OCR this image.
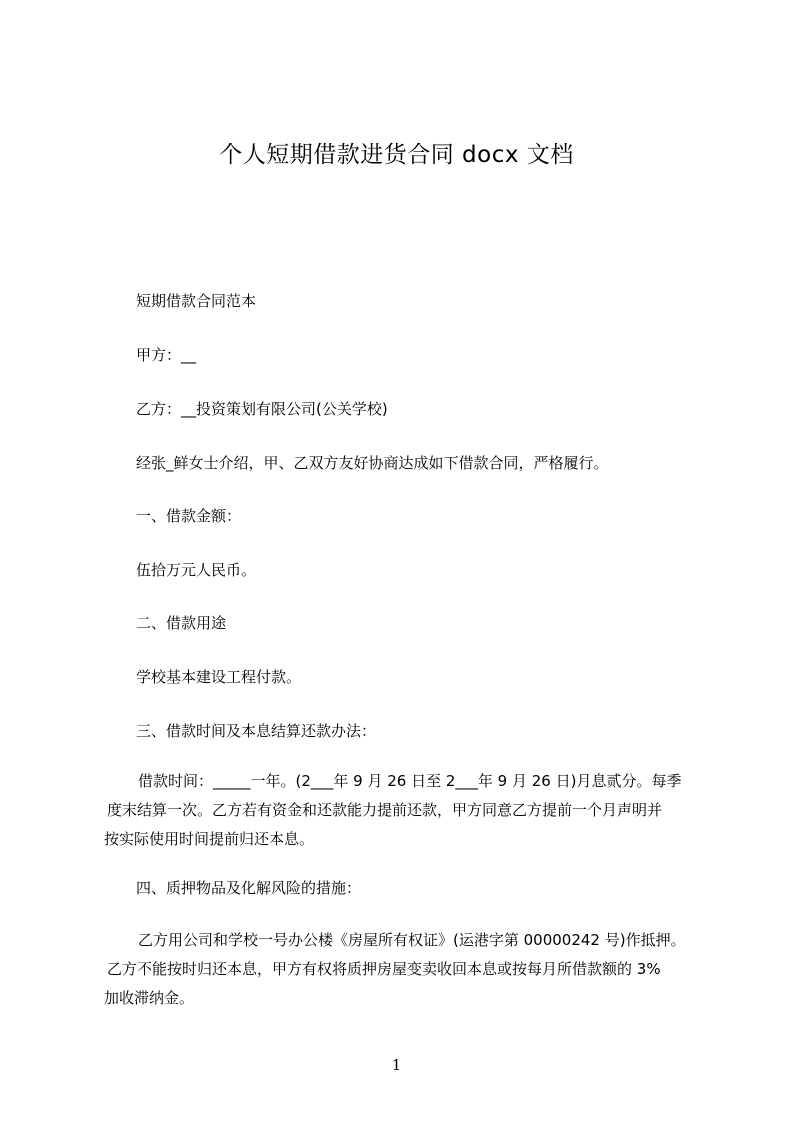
个人短期借款进货合同 docx 文档
短期借款合同范本
甲方：__
乙方：__投资策划有限公司(公关学校)
经张_鲜女士介绍，甲、乙双方友好协商达成如下借款合同，严格履行。
一、借款金额：
伍拾万元人民币。
二、借款用途
学校基本建设工程付款。
三、借款时间及本息结算还款办法：
借款时间：_____一年。(2___年 9 月 26 日至 2___年 9 月 26 日)月息贰分。每季
度末结算一次。乙方若有资金和还款能力提前还款，甲方同意乙方提前一个月声明并
按实际使用时间提前归还本息。
四、质押物品及化解风险的措施：
乙方用公司和学校一号办公楼《房屋所有权证》(运港字第 00000242 号)作抵押。
乙方不能按时归还本息，甲方有权将质押房屋变卖收回本息或按每月所借款额的 3%
加收滞纳金。
1
